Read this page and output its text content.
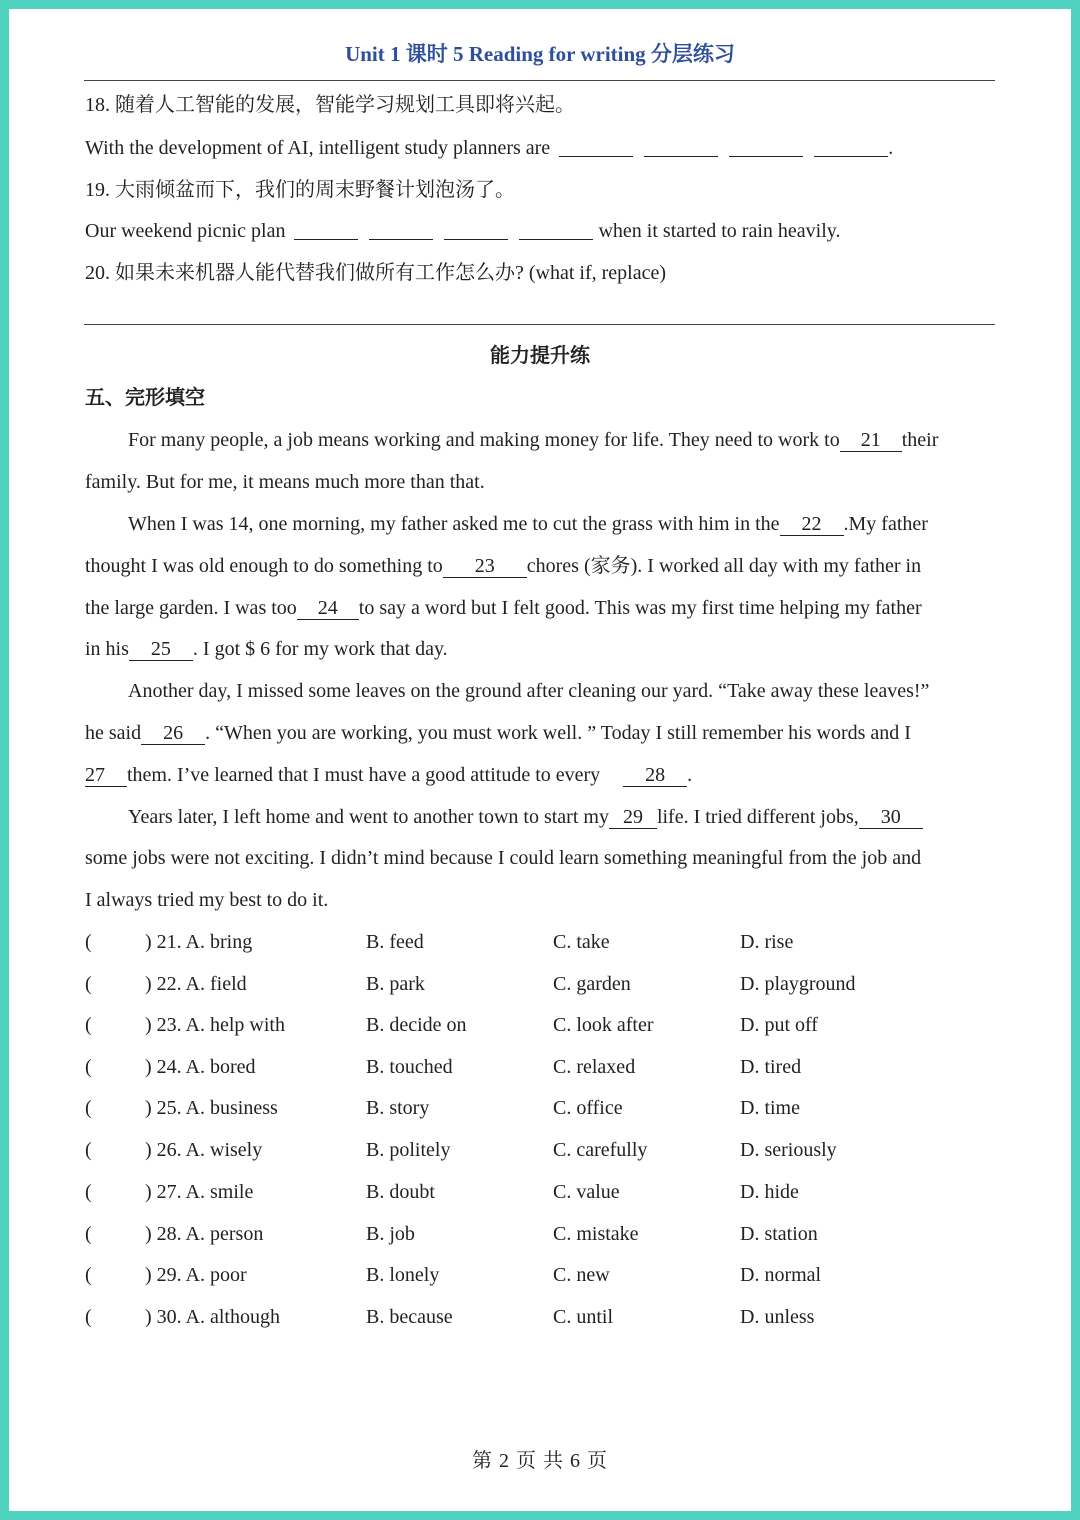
Unit 1 课时 5 Reading for writing 分层练习
18. 随着人工智能的发展，智能学习规划工具即将兴起。
With the development of AI, intelligent study planners are	.
19. 大雨倾盆而下，我们的周末野餐计划泡汤了。
Our weekend picnic plan	when it started to rain heavily.
20. 如果未来机器人能代替我们做所有工作怎么办? (what if, replace)
能力提升练
五、完形填空
For many people, a job means working and making money for life. They need to work to 21 their
family. But for me, it means much more than that.
When I was 14, one morning, my father asked me to cut the grass with him in the 22 .My father
thought I was old enough to do something to 23 chores (家务). I worked all day with my father in
the large garden. I was too 24 to say a word but I felt good. This was my first time helping my father
in his 25 . I got $ 6 for my work that day.
Another day, I missed some leaves on the ground after cleaning our yard. “Take away these leaves!”
he said 26 . “When you are working, you must work well. ” Today I still remember his words and I
27 them. I’ve learned that I must have a good attitude to every 28 .
Years later, I left home and went to another town to start my 29 life. I tried different jobs, 30
some jobs were not exciting. I didn’t mind because I could learn something meaningful from the job and
I always tried my best to do it.
(	) 21. A. bring	B. feed	C. take	D. rise
(	) 22. A. field	B. park	C. garden	D. playground
(	) 23. A. help with	B. decide on	C. look after	D. put off
(	) 24. A. bored	B. touched	C. relaxed	D. tired
(	) 25. A. business	B. story	C. office	D. time
(	) 26. A. wisely	B. politely	C. carefully	D. seriously
(	) 27. A. smile	B. doubt	C. value	D. hide
(	) 28. A. person	B. job	C. mistake	D. station
(	) 29. A. poor	B. lonely	C. new	D. normal
(	) 30. A. although	B. because	C. until	D. unless
第 2 页 共 6 页
